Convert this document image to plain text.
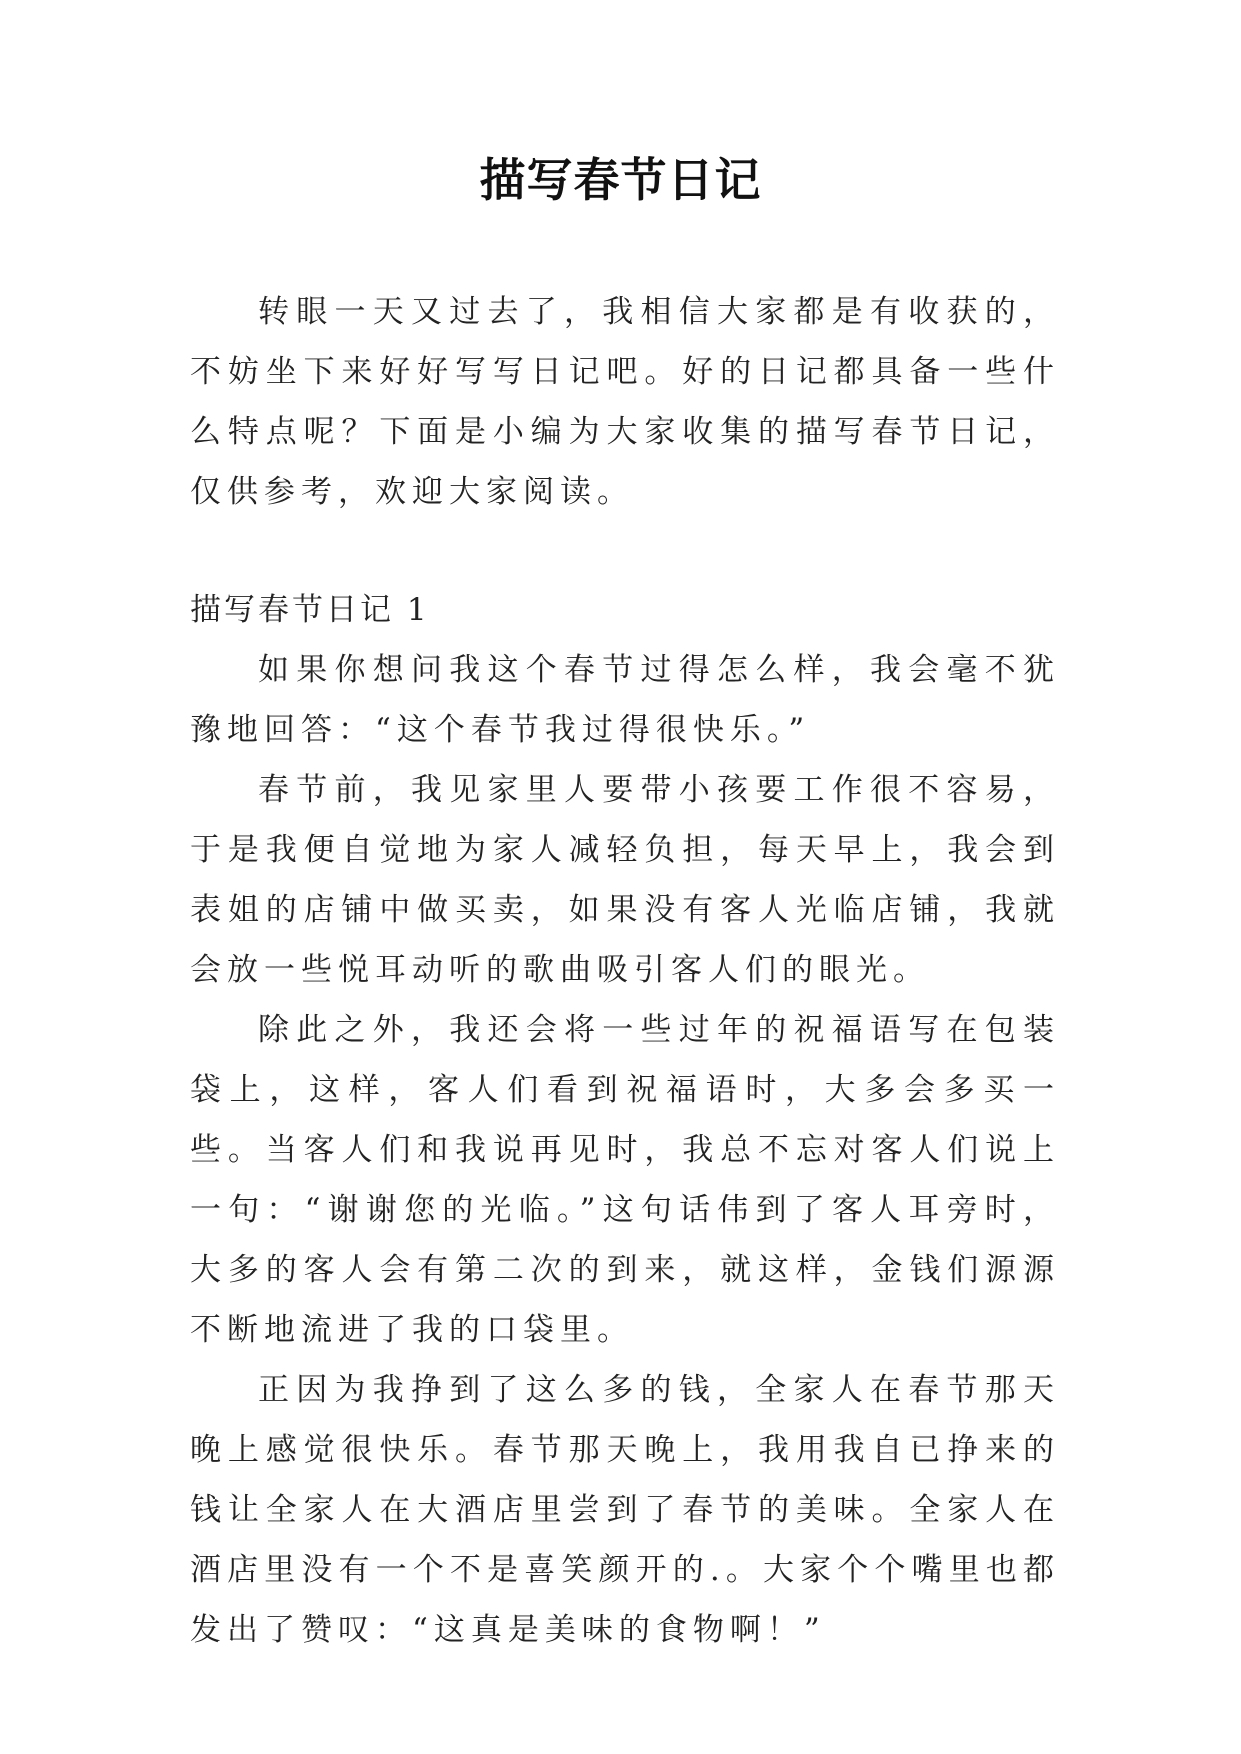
描写春节日记

转眼一天又过去了，我相信大家都是有收获的，不妨坐下来好好写写日记吧。好的日记都具备一些什么特点呢？下面是小编为大家收集的描写春节日记，仅供参考，欢迎大家阅读。

描写春节日记 1

如果你想问我这个春节过得怎么样，我会毫不犹豫地回答：“这个春节我过得很快乐。”

春节前，我见家里人要带小孩要工作很不容易，于是我便自觉地为家人减轻负担，每天早上，我会到表姐的店铺中做买卖，如果没有客人光临店铺，我就会放一些悦耳动听的歌曲吸引客人们的眼光。

除此之外，我还会将一些过年的祝福语写在包装袋上，这样，客人们看到祝福语时，大多会多买一些。当客人们和我说再见时，我总不忘对客人们说上一句：“谢谢您的光临。”这句话伟到了客人耳旁时，大多的客人会有第二次的到来，就这样，金钱们源源不断地流进了我的口袋里。

正因为我挣到了这么多的钱，全家人在春节那天晚上感觉很快乐。春节那天晚上，我用我自已挣来的钱让全家人在大酒店里尝到了春节的美味。全家人在酒店里没有一个不是喜笑颜开的.。大家个个嘴里也都发出了赞叹：“这真是美味的食物啊！”
